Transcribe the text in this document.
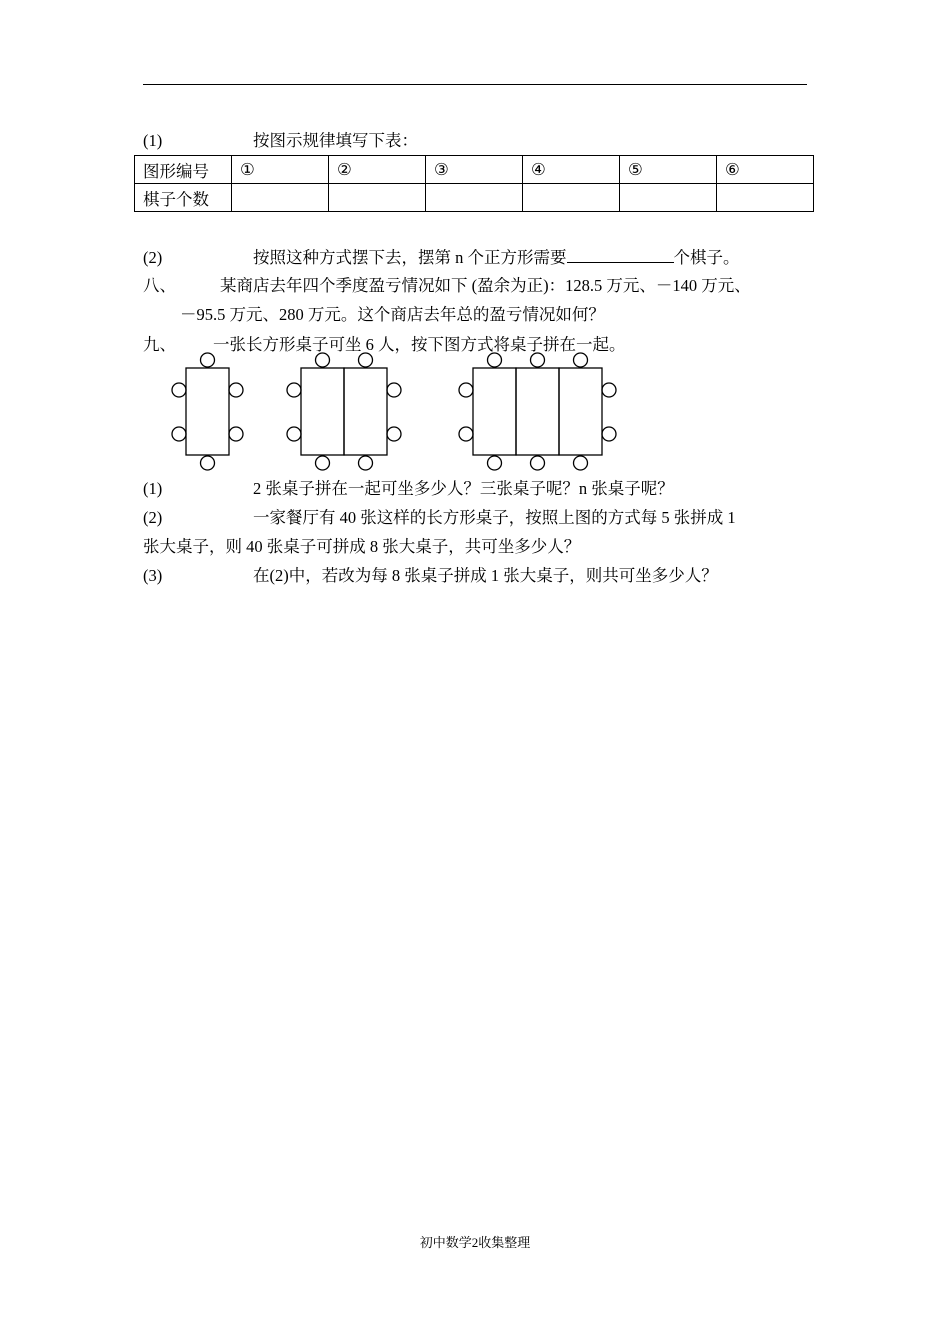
(1)	按图示规律填写下表：
图形编号	①	②	③	④	⑤	⑥
棋子个数						
(2)	按照这种方式摆下去，摆第 n 个正方形需要	个棋子。
八、	某商店去年四个季度盈亏情况如下 (盈余为正)：128.5 万元、－140 万元、
－95.5 万元、280 万元。这个商店去年总的盈亏情况如何？
九、 一张长方形桌子可坐 6 人，按下图方式将桌子拼在一起。
(1)	2 张桌子拼在一起可坐多少人？三张桌子呢？n 张桌子呢？
(2)	一家餐厅有 40 张这样的长方形桌子，按照上图的方式每 5 张拼成 1
张大桌子，则 40 张桌子可拼成 8 张大桌子，共可坐多少人？
(3)	在(2)中，若改为每 8 张桌子拼成 1 张大桌子，则共可坐多少人？
初中数学2收集整理
